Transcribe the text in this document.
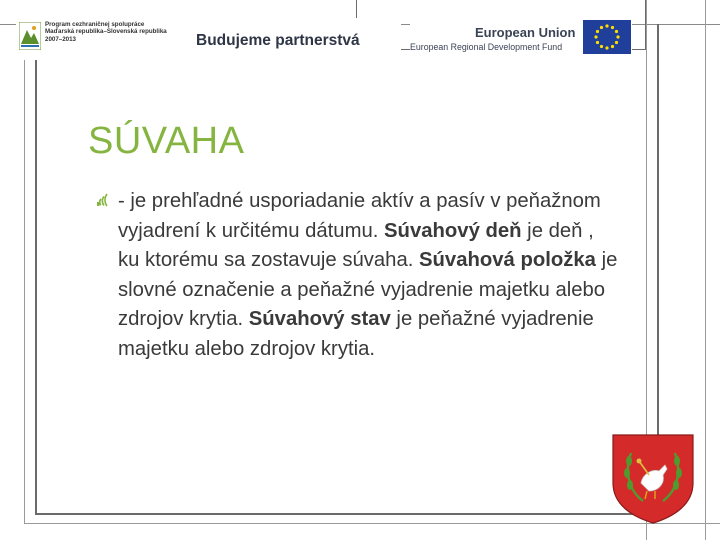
Program cezhraničnej spolupráce
Maďarská republika–Slovenská republika
2007–2013	Budujeme partnerstvá	European Union
European Regional Development Fund
SÚVAHA
- je prehľadné usporiadanie aktív a pasív v peňažnom vyjadrení k určitému dátumu. Súvahový deň je deň , ku ktorému sa zostavuje súvaha. Súvahová položka je slovné označenie a peňažné vyjadrenie majetku alebo zdrojov krytia. Súvahový stav je peňažné vyjadrenie majetku alebo zdrojov krytia.
